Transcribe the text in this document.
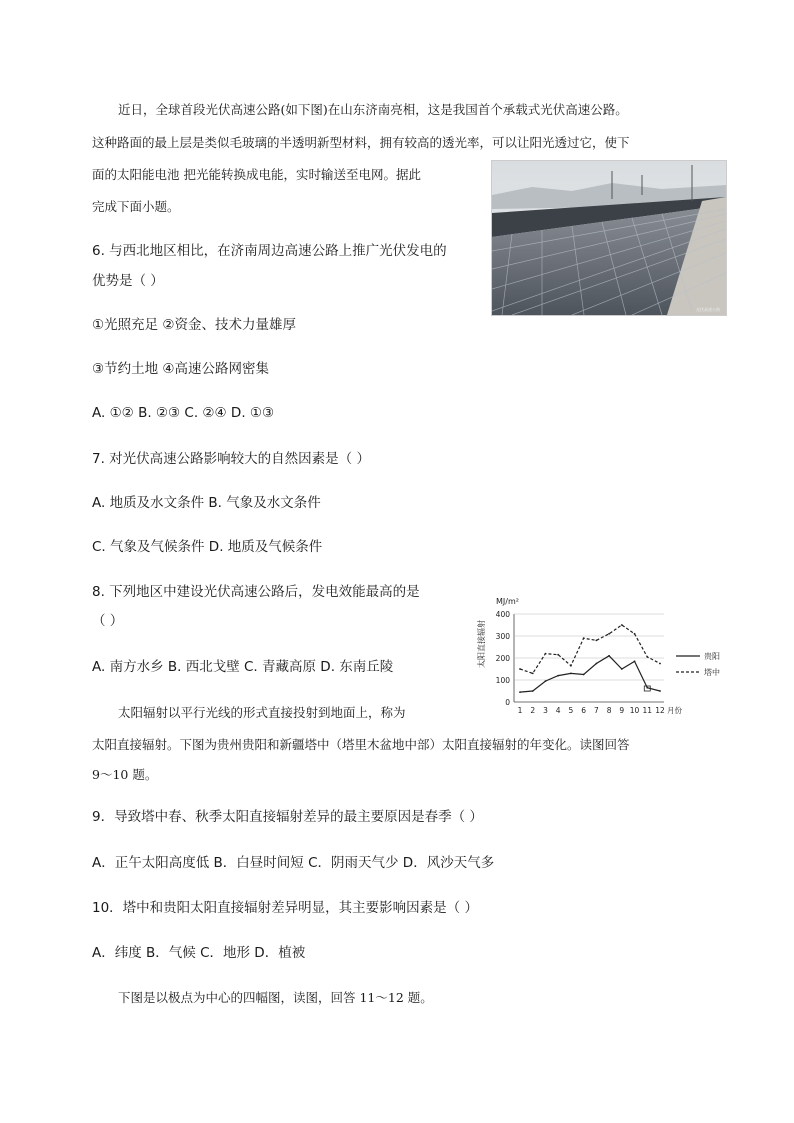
近日，全球首段光伏高速公路(如下图)在山东济南亮相，这是我国首个承载式光伏高速公路。
这种路面的最上层是类似毛玻璃的半透明新型材料，拥有较高的透光率，可以让阳光透过它，使下
面的太阳能电池 把光能转换成电能，实时输送至电网。据此
完成下面小题。
光伏高速公路
6. 与西北地区相比，在济南周边高速公路上推广光伏发电的
优势是（ ）
①光照充足 ②资金、技术力量雄厚
③节约土地 ④高速公路网密集
A. ①② B. ②③ C. ②④ D. ①③
7. 对光伏高速公路影响较大的自然因素是（ ）
A. 地质及水文条件 B. 气象及水文条件
C. 气象及气候条件 D. 地质及气候条件
8. 下列地区中建设光伏高速公路后，发电效能最高的是
（ ）
A. 南方水乡 B. 西北戈壁 C. 青藏高原 D. 东南丘陵
MJ/m²
太阳直接辐射
0
100
200
300
400
1 2 3 4 5 6 7 8 9 10 11 12 月份
贵阳
塔中
太阳辐射以平行光线的形式直接投射到地面上，称为
太阳直接辐射。下图为贵州贵阳和新疆塔中（塔里木盆地中部）太阳直接辐射的年变化。读图回答
9～10 题。
9．导致塔中春、秋季太阳直接辐射差异的最主要原因是春季（ ）
A．正午太阳高度低 B．白昼时间短 C．阴雨天气少 D．风沙天气多
10．塔中和贵阳太阳直接辐射差异明显，其主要影响因素是（ ）
A．纬度 B．气候 C．地形 D．植被
下图是以极点为中心的四幅图，读图，回答 11～12 题。
